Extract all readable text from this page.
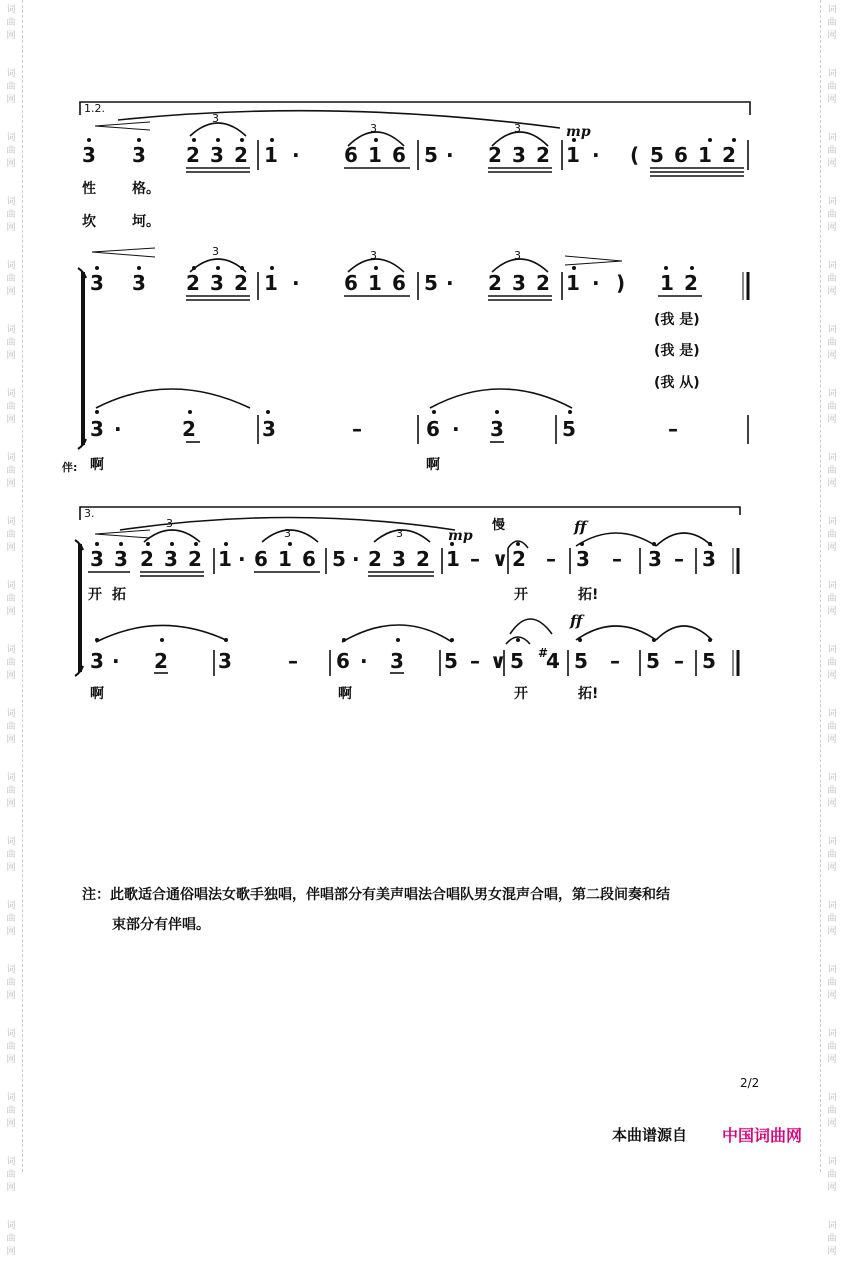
词
曲
网
词
曲
网
词
曲
网
词
曲
网
词
曲
网
词
曲
网
词
曲
网
词
曲
网
词
曲
网
词
曲
网
词
曲
网
词
曲
网
词
曲
网
词
曲
网
词
曲
网
词
曲
网
词
曲
网
词
曲
网
词
曲
网
词
曲
网
词
曲
网
词
曲
网
词
曲
网
词
曲
网
词
曲
网
词
曲
网
词
曲
网
词
曲
网
词
曲
网
词
曲
网
词
曲
网
词
曲
网
词
曲
网
词
曲
网
词
曲
网
词
曲
网
词
曲
网
词
曲
网
词
曲
网
词
曲
网
1.2.
mp
3
3	3
3 3 2 3 2 1 · 6 1 6 5 · 2 3 2 1 · ( 5 6 1 2
性	格。
坎	坷。
3	3	3
3 3 2 3 2 1 · 6 1 6 5 · 2 3 2 1 · ) 1 2
3 ·	2	3	–	6 · 3	5	–
(我 是)
(我 是)
(我 从)
伴: 啊	啊
3.
慢
mp	ff
ff
3
3	3
3 3 2 3 2 1 · 6 1 6 5 · 2 3 2 1 – ∨ 2 – 3 – 3 – 3
3 · 2	3	– 6 · 3 5 – ∨ 5 #
4 5 – 5 – 5
开 拓	开	拓!
啊	啊	开	拓!
注：此歌适合通俗唱法女歌手独唱，伴唱部分有美声唱法合唱队男女混声合唱，第二段间奏和结
束部分有伴唱。
2/2
本曲谱源自 中国词曲网
